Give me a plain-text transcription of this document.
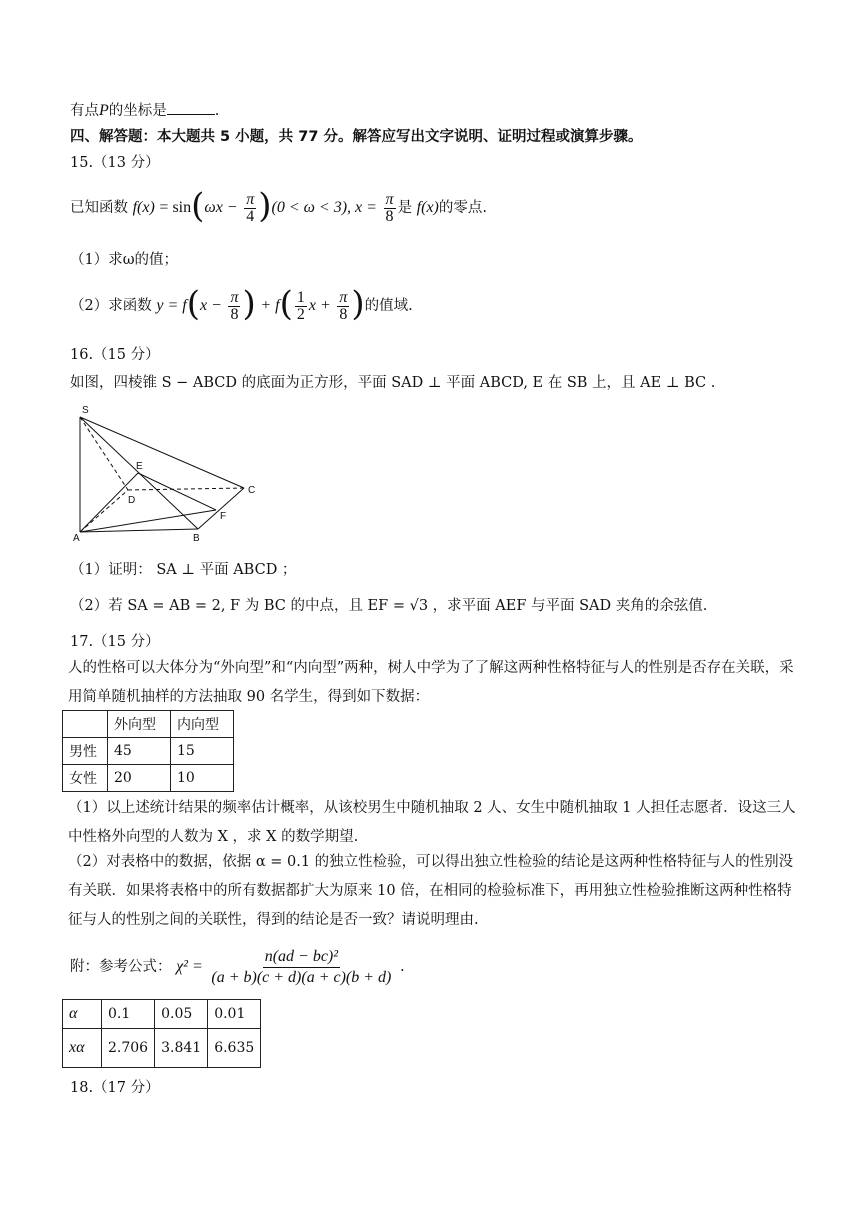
有点P的坐标是	.
四、解答题：本大题共 5 小题，共 77 分。解答应写出文字说明、证明过程或演算步骤。
15.（13 分）
已知函数 $f(x) = \sin(\omega x - \frac{\pi}{4} )(0 < \omega < 3)$, $x = \frac{\pi}{8}$ 是 f(x)的零点.
（1）求ω的值；
（2）求函数 $y = f(x - \frac{\pi}{8}$ ) + $f( \frac{1}{2}$ $x + \frac{\pi}{8}$ )的值域.
16.（15 分）
如图，四棱锥 S − ABCD 的底面为正方形，平面 SAD ⊥ 平面 ABCD, E 在 SB 上，且 AE ⊥ BC .
S
E
D
C
F
A	B
（1）证明： SA ⊥ 平面 ABCD ；
（2）若 SA = AB = 2, F 为 BC 的中点，且 EF = √3 ，求平面 AEF 与平面 SAD 夹角的余弦值.
17.（15 分）
人的性格可以大体分为“外向型”和“内向型”两种，树人中学为了了解这两种性格特征与人的性别是否存在关联，采用简单随机抽样的方法抽取 90 名学生，得到如下数据：
	外向型	内向型
男性	45	15
女性	20	10
（1）以上述统计结果的频率估计概率，从该校男生中随机抽取 2 人、女生中随机抽取 1 人担任志愿者．设这三人中性格外向型的人数为 X ，求 X 的数学期望.
（2）对表格中的数据，依据 α = 0.1 的独立性检验，可以得出独立性检验的结论是这两种性格特征与人的性别没有关联．如果将表格中的所有数据都扩大为原来 10 倍，在相同的检验标准下，再用独立性检验推断这两种性格特征与人的性别之间的关联性，得到的结论是否一致？请说明理由.
附：参考公式： $\chi^2 = \frac{\text{n(ad − bc)²}}{(a + b)(c + d)(a + c)(b + d)}$ .
α	0.1	0.05	0.01
xα	2.706	3.841	6.635
18.（17 分）
